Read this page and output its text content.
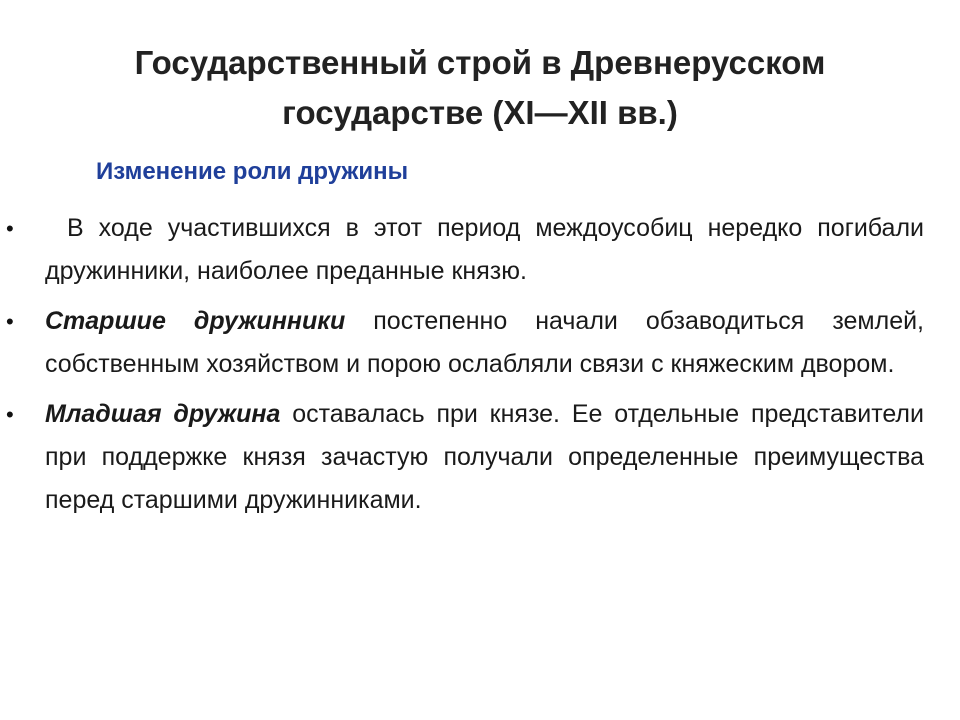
Государственный строй в Древнерусском государстве (XI—XII вв.)
Изменение роли дружины
• В ходе участившихся в этот период междоусобиц нередко погибали дружинники, наиболее преданные князю.
• Старшие дружинники постепенно начали обзаводиться землей, собственным хозяйством и порою ослабляли связи с княжеским двором.
• Младшая дружина оставалась при князе. Ее отдельные представители при поддержке князя зачастую получали определенные преимущества перед старшими дружинниками.
